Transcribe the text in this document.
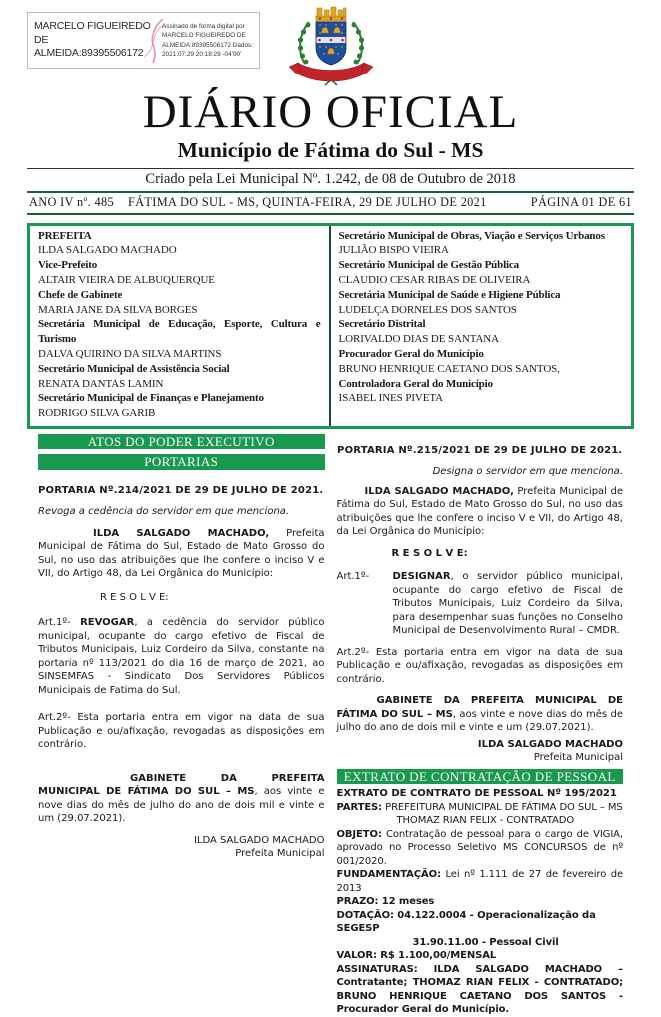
MARCELO FIGUEIREDO DE ALMEIDA:89395506172
Assinado de forma digital por MARCELO FIGUEIREDO DE ALMEIDA:89395506172 Dados: 2021.07.29 20:18:29 -04'00'
DIÁRIO OFICIAL
Município de Fátima do Sul - MS
Criado pela Lei Municipal Nº. 1.242, de 08 de Outubro de 2018
ANO IV nº. 485 FÁTIMA DO SUL - MS, QUINTA-FEIRA, 29 DE JULHO DE 2021	PÁGINA 01 DE 61
PREFEITA
ILDA SALGADO MACHADO
Vice-Prefeito
ALTAIR VIEIRA DE ALBUQUERQUE
Chefe de Gabinete
MARIA JANE DA SILVA BORGES
Secretária Municipal de Educação, Esporte, Cultura e Turismo
DALVA QUIRINO DA SILVA MARTINS
Secretário Municipal de Assistência Social
RENATA DANTAS LAMIN
Secretário Municipal de Finanças e Planejamento
RODRIGO SILVA GARIB
Secretário Municipal de Obras, Viação e Serviços Urbanos
JULIÃO BISPO VIEIRA
Secretário Municipal de Gestão Pública
CLAUDIO CESAR RIBAS DE OLIVEIRA
Secretária Municipal de Saúde e Higiene Pública
LUDELÇA DORNELES DOS SANTOS
Secretário Distrital
LORIVALDO DIAS DE SANTANA
Procurador Geral do Município
BRUNO HENRIQUE CAETANO DOS SANTOS,
Controladora Geral do Município
ISABEL INES PIVETA
ATOS DO PODER EXECUTIVO
PORTARIAS

PORTARIA Nº.214/2021 DE 29 DE JULHO DE 2021.

Revoga a cedência do servidor em que menciona.

ILDA SALGADO MACHADO, Prefeita Municipal de Fátima do Sul, Estado de Mato Grosso do Sul, no uso das atribuições que lhe confere o inciso V e VII, do Artigo 48, da Lei Orgânica do Município:

R E S O L V E:

Art.1º- REVOGAR, a cedência do servidor público municipal, ocupante do cargo efetivo de Fiscal de Tributos Municipais, Luiz Cordeiro da Silva, constante na portaria nº 113/2021 do dia 16 de março de 2021, ao SINSEMFAS - Sindicato Dos Servidores Públicos Municipais de Fatima do Sul.

Art.2º- Esta portaria entra em vigor na data de sua Publicação e ou/afixação, revogadas as disposições em contrário.

GABINETE DA PREFEITA MUNICIPAL DE FÁTIMA DO SUL – MS, aos vinte e nove dias do mês de julho do ano de dois mil e vinte e um (29.07.2021).

ILDA SALGADO MACHADO
Prefeita Municipal

PORTARIA Nº.215/2021 DE 29 DE JULHO DE 2021.

Designa o servidor em que menciona.

ILDA SALGADO MACHADO, Prefeita Municipal de Fátima do Sul, Estado de Mato Grosso do Sul, no uso das atribuições que lhe confere o inciso V e VII, do Artigo 48, da Lei Orgânica do Município:

R E S O L V E:

Art.1º- DESIGNAR, o servidor público municipal, ocupante do cargo efetivo de Fiscal de Tributos Municipais, Luiz Cordeiro da Silva, para desempenhar suas funções no Conselho Municipal de Desenvolvimento Rural – CMDR.

Art.2º- Esta portaria entra em vigor na data de sua Publicação e ou/afixação, revogadas as disposições em contrário.

GABINETE DA PREFEITA MUNICIPAL DE FÁTIMA DO SUL – MS, aos vinte e nove dias do mês de julho do ano de dois mil e vinte e um (29.07.2021).

ILDA SALGADO MACHADO
Prefeita Municipal
EXTRATO DE CONTRATAÇÃO DE PESSOAL

EXTRATO DE CONTRATO DE PESSOAL Nº 195/2021

PARTES: PREFEITURA MUNICIPAL DE FÁTIMA DO SUL – MS

THOMAZ RIAN FELIX - CONTRATADO

OBJETO: Contratação de pessoal para o cargo de VIGIA, aprovado no Processo Seletivo MS CONCURSOS de nº 001/2020.

FUNDAMENTAÇÃO: Lei nº 1.111 de 27 de fevereiro de 2013

PRAZO: 12 meses

DOTAÇÃO: 04.122.0004 - Operacionalização da SEGESP

31.90.11.00 - Pessoal Civil

VALOR: R$ 1.100,00/MENSAL

ASSINATURAS: ILDA SALGADO MACHADO – Contratante; THOMAZ RIAN FELIX - CONTRATADO; BRUNO HENRIQUE CAETANO DOS SANTOS - Procurador Geral do Município.
